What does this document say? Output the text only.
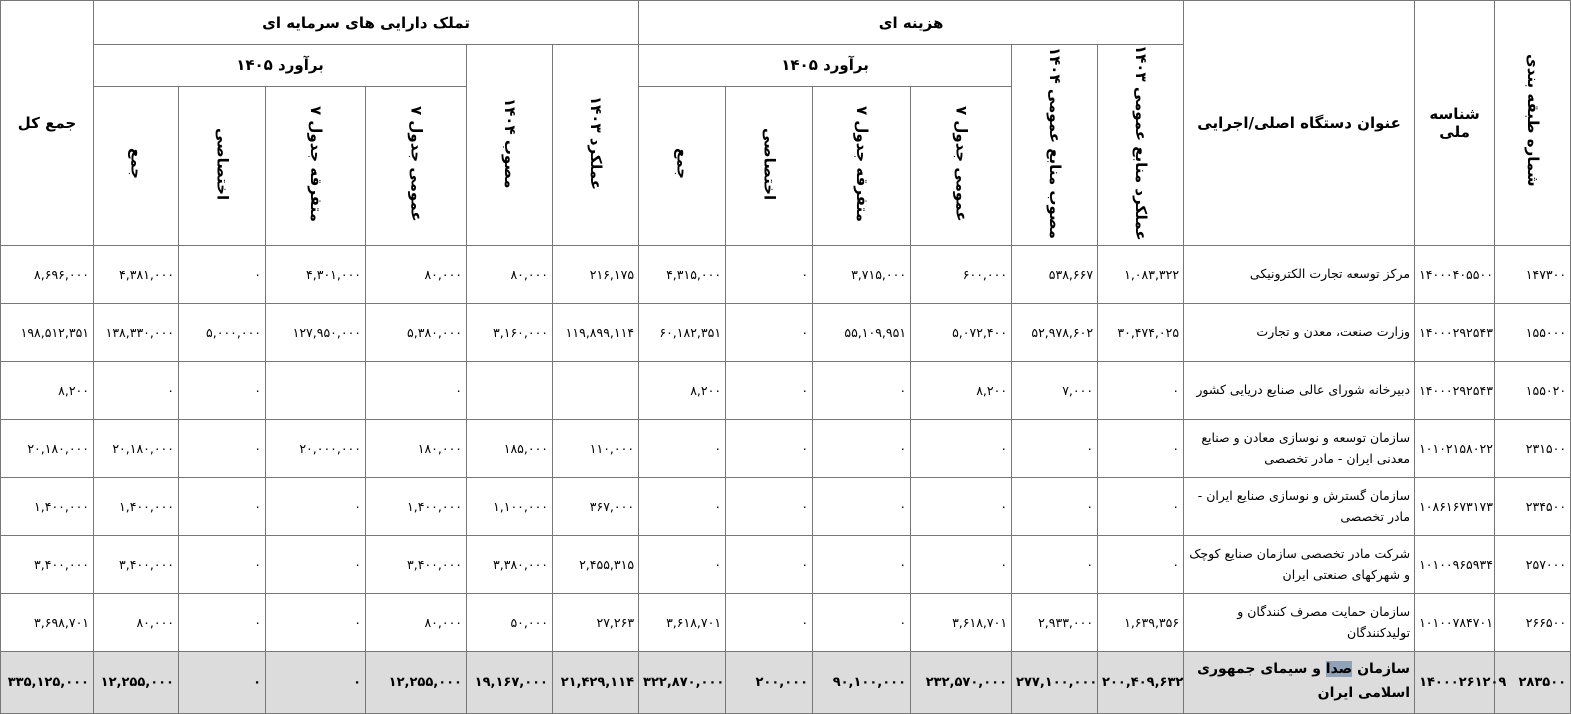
جمع کل	تملک دارایی های سرمایه ای						هزینه ای						عنوان دستگاه اصلی/اجرایی	شناسه ملی	شماره طبقه بندی
	برآورد ۱۴۰۵				مصوب ۱۴۰۴	عملکرد ۱۴۰۳	برآورد ۱۴۰۵				مصوب منابع عمومی ۱۴۰۴	عملکرد منابع عمومی ۱۴۰۳			
	جمع	اختصاصی	متفرقه جدول ۷	عمومی جدول ۷			جمع	اختصاصی	متفرقه جدول ۷	عمومی جدول ۷					
۸,۶۹۶,۰۰۰	۴,۳۸۱,۰۰۰	۰	۴,۳۰۱,۰۰۰	۸۰,۰۰۰	۸۰,۰۰۰	۲۱۶,۱۷۵	۴,۳۱۵,۰۰۰	۰	۳,۷۱۵,۰۰۰	۶۰۰,۰۰۰	۵۳۸,۶۶۷	۱,۰۸۳,۳۲۲	مرکز توسعه تجارت الکترونیکی	۱۴۰۰۰۴۰۵۵۰۰	۱۴۷۳۰۰
۱۹۸,۵۱۲,۳۵۱	۱۳۸,۳۳۰,۰۰۰	۵,۰۰۰,۰۰۰	۱۲۷,۹۵۰,۰۰۰	۵,۳۸۰,۰۰۰	۳,۱۶۰,۰۰۰	۱۱۹,۸۹۹,۱۱۴	۶۰,۱۸۲,۳۵۱	۰	۵۵,۱۰۹,۹۵۱	۵,۰۷۲,۴۰۰	۵۲,۹۷۸,۶۰۲	۳۰,۴۷۴,۰۲۵	وزارت صنعت، معدن و تجارت	۱۴۰۰۰۲۹۲۵۴۳	۱۵۵۰۰۰
۸,۲۰۰	۰	۰		۰			۸,۲۰۰	۰	۰	۸,۲۰۰	۷,۰۰۰	۰	دبیرخانه شورای عالی صنایع دریایی کشور	۱۴۰۰۰۲۹۲۵۴۳	۱۵۵۰۲۰
۲۰,۱۸۰,۰۰۰	۲۰,۱۸۰,۰۰۰	۰	۲۰,۰۰۰,۰۰۰	۱۸۰,۰۰۰	۱۸۵,۰۰۰	۱۱۰,۰۰۰	۰	۰	۰	۰	۰	۰	سازمان توسعه و نوسازی معادن و صنایع معدنی ایران - مادر تخصصی	۱۰۱۰۲۱۵۸۰۲۲	۲۳۱۵۰۰
۱,۴۰۰,۰۰۰	۱,۴۰۰,۰۰۰	۰	۰	۱,۴۰۰,۰۰۰	۱,۱۰۰,۰۰۰	۳۶۷,۰۰۰	۰	۰	۰	۰	۰	۰	سازمان گسترش و نوسازی صنایع ایران - مادر تخصصی	۱۰۸۶۱۶۷۳۱۷۳	۲۳۴۵۰۰
۳,۴۰۰,۰۰۰	۳,۴۰۰,۰۰۰	۰	۰	۳,۴۰۰,۰۰۰	۳,۳۸۰,۰۰۰	۲,۴۵۵,۳۱۵	۰	۰	۰	۰	۰	۰	شرکت مادر تخصصی سازمان صنایع کوچک و شهرکهای صنعتی ایران	۱۰۱۰۰۹۶۵۹۳۴	۲۵۷۰۰۰
۳,۶۹۸,۷۰۱	۸۰,۰۰۰	۰	۰	۸۰,۰۰۰	۵۰,۰۰۰	۲۷,۲۶۳	۳,۶۱۸,۷۰۱	۰	۰	۳,۶۱۸,۷۰۱	۲,۹۳۳,۰۰۰	۱,۶۳۹,۳۵۶	سازمان حمایت مصرف کنندگان و تولیدکنندگان	۱۰۱۰۰۷۸۴۷۰۱	۲۶۶۵۰۰
۳۳۵,۱۲۵,۰۰۰	۱۲,۲۵۵,۰۰۰	۰	۰	۱۲,۲۵۵,۰۰۰	۱۹,۱۶۷,۰۰۰	۲۱,۴۲۹,۱۱۴	۳۲۲,۸۷۰,۰۰۰	۲۰۰,۰۰۰	۹۰,۱۰۰,۰۰۰	۲۳۲,۵۷۰,۰۰۰	۲۷۷,۱۰۰,۰۰۰	۲۰۰,۴۰۹,۶۳۲	سازمان صدا و سیمای جمهوری اسلامی ایران	۱۴۰۰۰۲۶۱۲۰۹	۲۸۳۵۰۰
